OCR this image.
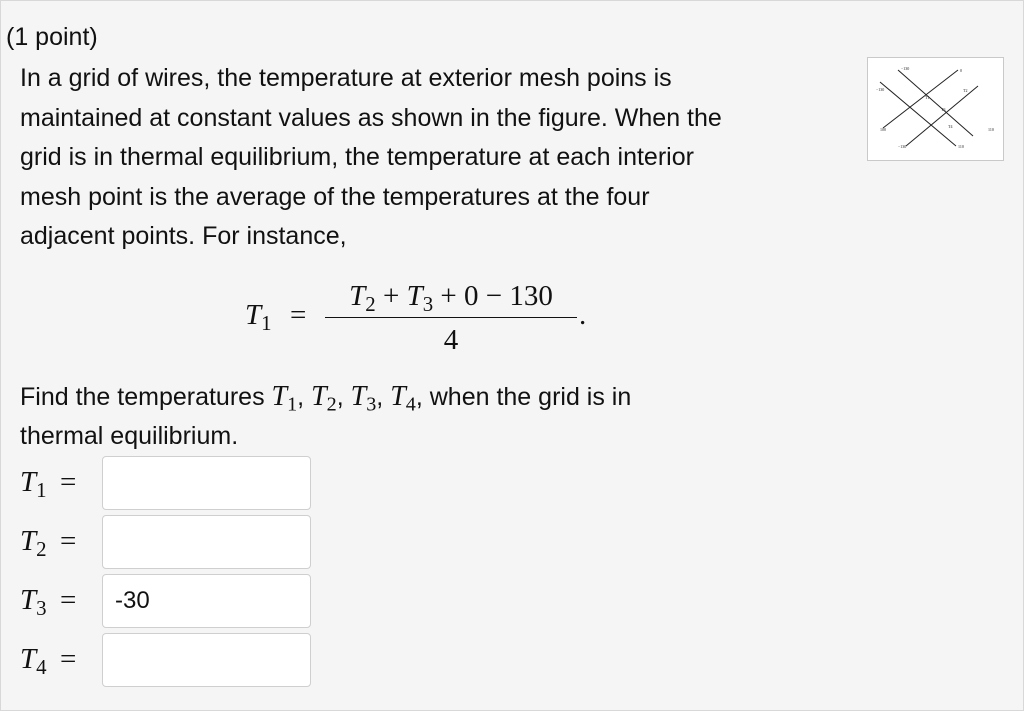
(1 point)
In a grid of wires, the temperature at exterior mesh poins is
maintained at constant values as shown in the figure. When the
grid is in thermal equilibrium, the temperature at each interior
mesh point is the average of the temperatures at the four
adjacent points. For instance,
−130	0
−130
100	110
−130	110
T1
T2
T3
T4
$T_1$ =
$T_2 + T_3 + 0 - 130$
4
.
Find the temperatures $T_1$, $T_2$, $T_3$, $T_4$, when the grid is in
thermal equilibrium.
$T_1$ =
$T_2$ =
$T_3$ =
-30
$T_4$ =
